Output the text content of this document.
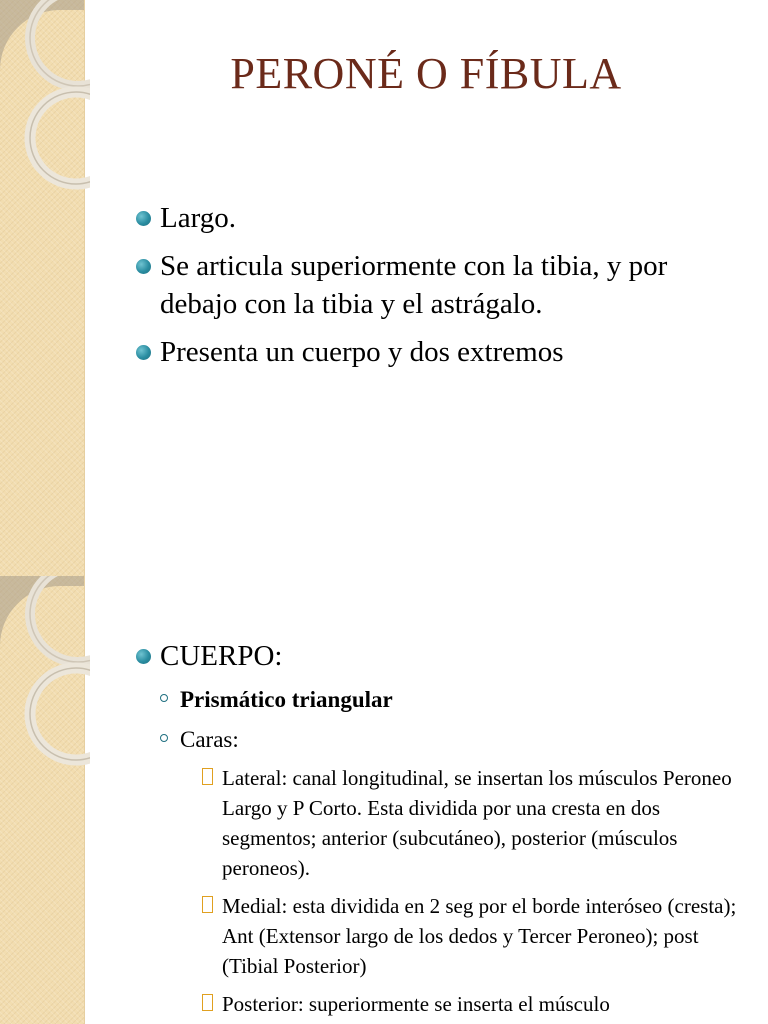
PERONÉ O FÍBULA
Largo.
Se articula superiormente con la tibia, y por debajo con la tibia y el astrágalo.
Presenta un cuerpo y dos extremos
CUERPO:
Prismático triangular
Caras:
Lateral: canal longitudinal, se insertan los músculos Peroneo Largo y P Corto. Esta dividida por una cresta en dos segmentos; anterior (subcutáneo), posterior (músculos peroneos).
Medial: esta dividida en 2 seg por el borde interóseo (cresta); Ant (Extensor largo de los dedos y Tercer Peroneo); post (Tibial Posterior)
Posterior: superiormente se inserta el músculo
